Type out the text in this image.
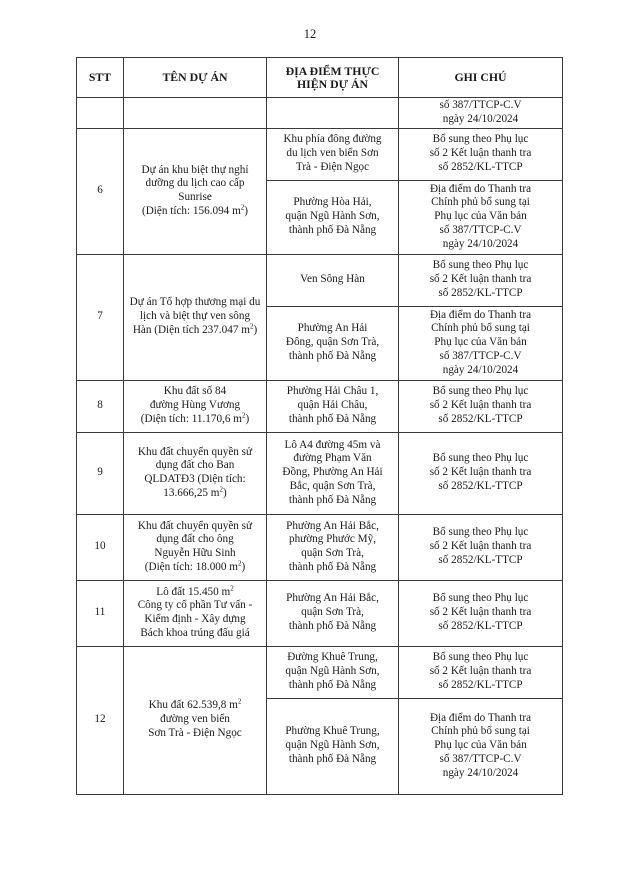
12
STT	TÊN DỰ ÁN	ĐỊA ĐIỂM THỰC
HIỆN DỰ ÁN	GHI CHÚ

			số 387/TTCP-C.V
ngày 24/10/2024

6	Dự án khu biệt thự nghỉ
dưỡng du lịch cao cấp
Sunrise
(Diện tích: 156.094 $m^2$)	Khu phía đông đường
du lịch ven biển Sơn
Trà - Điện Ngọc	Bổ sung theo Phụ lục
số 2 Kết luận thanh tra
số 2852/KL-TTCP

		Phường Hòa Hải,
quận Ngũ Hành Sơn,
thành phố Đà Nẵng	Địa điểm do Thanh tra
Chính phủ bổ sung tại
Phụ lục của Văn bản
số 387/TTCP-C.V
ngày 24/10/2024

7	Dự án Tổ hợp thương mại du
lịch và biệt thự ven sông
Hàn (Diện tích 237.047 $m^2$)	Ven Sông Hàn	Bổ sung theo Phụ lục
số 2 Kết luận thanh tra
số 2852/KL-TTCP

		Phường An Hải
Đông, quận Sơn Trà,
thành phố Đà Nẵng	Địa điểm do Thanh tra
Chính phủ bổ sung tại
Phụ lục của Văn bản
số 387/TTCP-C.V
ngày 24/10/2024

8	Khu đất số 84
đường Hùng Vương
(Diện tích: 11.170,6 $m^2$)	Phường Hải Châu 1,
quận Hải Châu,
thành phố Đà Nẵng	Bổ sung theo Phụ lục
số 2 Kết luận thanh tra
số 2852/KL-TTCP

9	Khu đất chuyển quyền sử
dụng đất cho Ban
QLDATĐ3 (Diện tích:
13.666,25 $m^2$)	Lô A4 đường 45m và
đường Phạm Văn
Đồng, Phường An Hải
Bắc, quận Sơn Trà,
thành phố Đà Nẵng	Bổ sung theo Phụ lục
số 2 Kết luận thanh tra
số 2852/KL-TTCP

10	Khu đất chuyển quyền sử
dụng đất cho ông
Nguyễn Hữu Sinh
(Diện tích: 18.000 $m^2$)	Phường An Hải Bắc,
phường Phước Mỹ,
quận Sơn Trà,
thành phố Đà Nẵng	Bổ sung theo Phụ lục
số 2 Kết luận thanh tra
số 2852/KL-TTCP

11	Lô đất 15.450 $m^2$
Công ty cổ phần Tư vấn -
Kiểm định - Xây dựng
Bách khoa trúng đấu giá	Phường An Hải Bắc,
quận Sơn Trà,
thành phố Đà Nẵng	Bổ sung theo Phụ lục
số 2 Kết luận thanh tra
số 2852/KL-TTCP

12	Khu đất 62.539,8 $m^2$
đường ven biển
Sơn Trà - Điện Ngọc	Đường Khuê Trung,
quận Ngũ Hành Sơn,
thành phố Đà Nẵng	Bổ sung theo Phụ lục
số 2 Kết luận thanh tra
số 2852/KL-TTCP

		Phường Khuê Trung,
quận Ngũ Hành Sơn,
thành phố Đà Nẵng	Địa điểm do Thanh tra
Chính phủ bổ sung tại
Phụ lục của Văn bản
số 387/TTCP-C.V
ngày 24/10/2024
